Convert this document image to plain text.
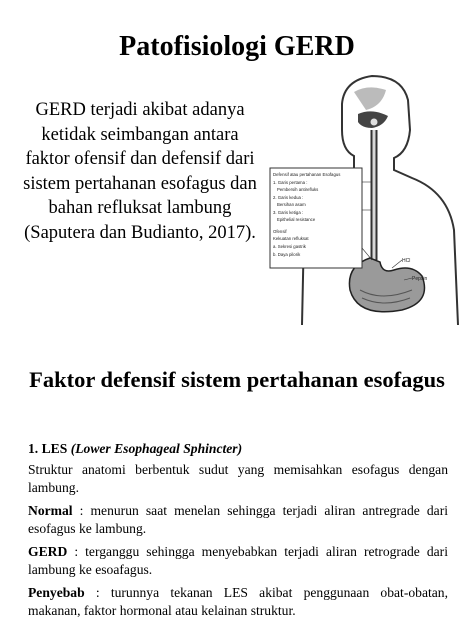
Patofisiologi GERD

GERD terjadi akibat adanya ketidak seimbangan antara faktor ofensif dan defensif dari sistem pertahanan esofagus dan bahan refluksat lambung (Saputera dan Budianto, 2017).

Defensif atau pertahanan Esofagus
1. Garis pertama :
Pembersih antirefluks
2. Garis kedua :
Bersihan asam
3. Garis ketiga :
Epithelial resistance
Ofensif
Kekuatan refluksat
a. Sekresi gastrik
b. Daya pilorik
HCl
Pepsin
Faktor defensif sistem pertahanan esofagus

1. LES (Lower Esophageal Sphincter)

Struktur anatomi berbentuk sudut yang memisahkan esofagus dengan lambung.

Normal : menurun saat menelan sehingga terjadi aliran antregrade dari esofagus ke lambung.

GERD : terganggu sehingga menyebabkan terjadi aliran retrograde dari lambung ke esoafagus.

Penyebab : turunnya tekanan LES akibat penggunaan obat-obatan, makanan, faktor hormonal atau kelainan struktur.
